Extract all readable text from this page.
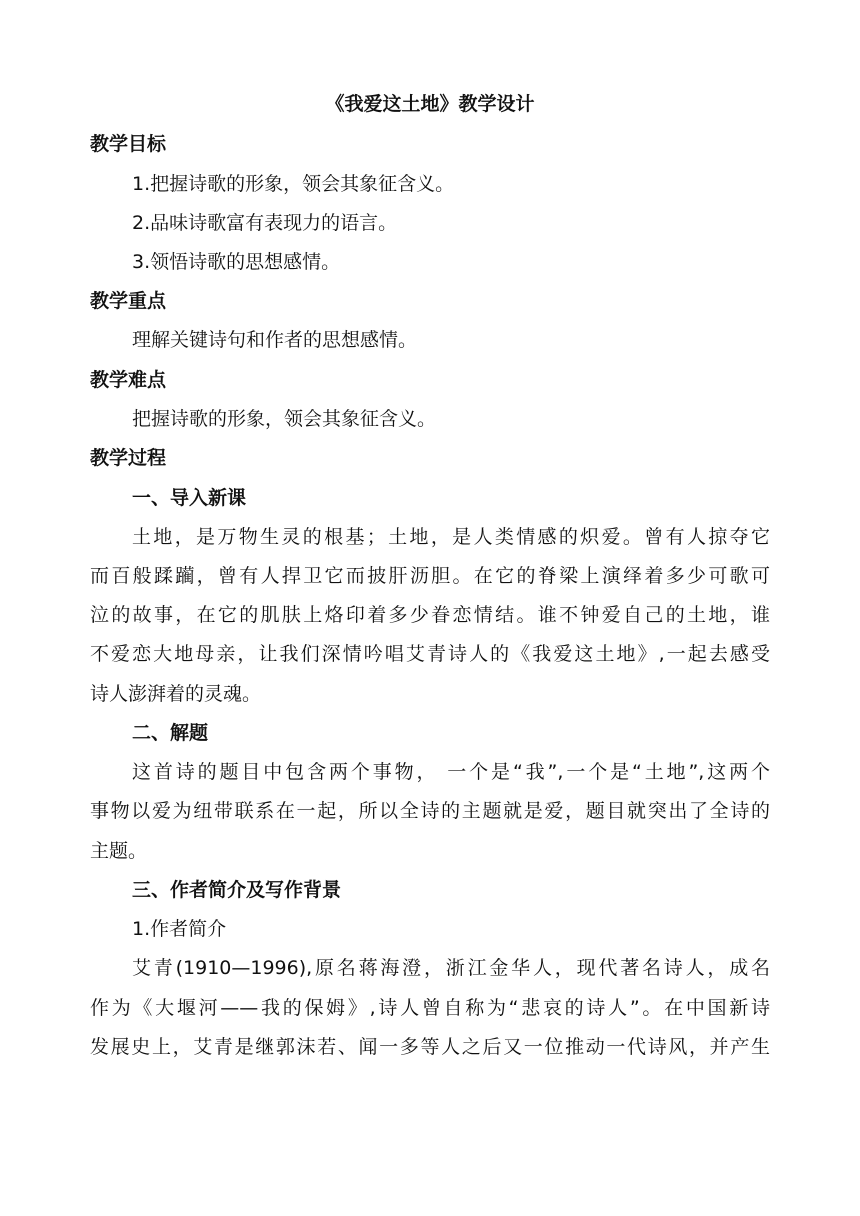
《我爱这土地》教学设计
教学目标
1.把握诗歌的形象，领会其象征含义。
2.品味诗歌富有表现力的语言。
3.领悟诗歌的思想感情。
教学重点
理解关键诗句和作者的思想感情。
教学难点
把握诗歌的形象，领会其象征含义。
教学过程
一、导入新课
土地，是万物生灵的根基；土地，是人类情感的炽爱。曾有人掠夺它
而百般蹂躏，曾有人捍卫它而披肝沥胆。在它的脊梁上演绎着多少可歌可
泣的故事，在它的肌肤上烙印着多少眷恋情结。谁不钟爱自己的土地，谁
不爱恋大地母亲，让我们深情吟唱艾青诗人的《我爱这土地》,一起去感受
诗人澎湃着的灵魂。
二、解题
这首诗的题目中包含两个事物， 一个是“我”,一个是“土地”,这两个
事物以爱为纽带联系在一起，所以全诗的主题就是爱，题目就突出了全诗的
主题。
三、作者简介及写作背景
1.作者简介
艾青(1910—1996),原名蒋海澄，浙江金华人，现代著名诗人，成名
作为《大堰河——我的保姆》,诗人曾自称为“悲哀的诗人”。在中国新诗
发展史上，艾青是继郭沫若、闻一多等人之后又一位推动一代诗风，并产生
